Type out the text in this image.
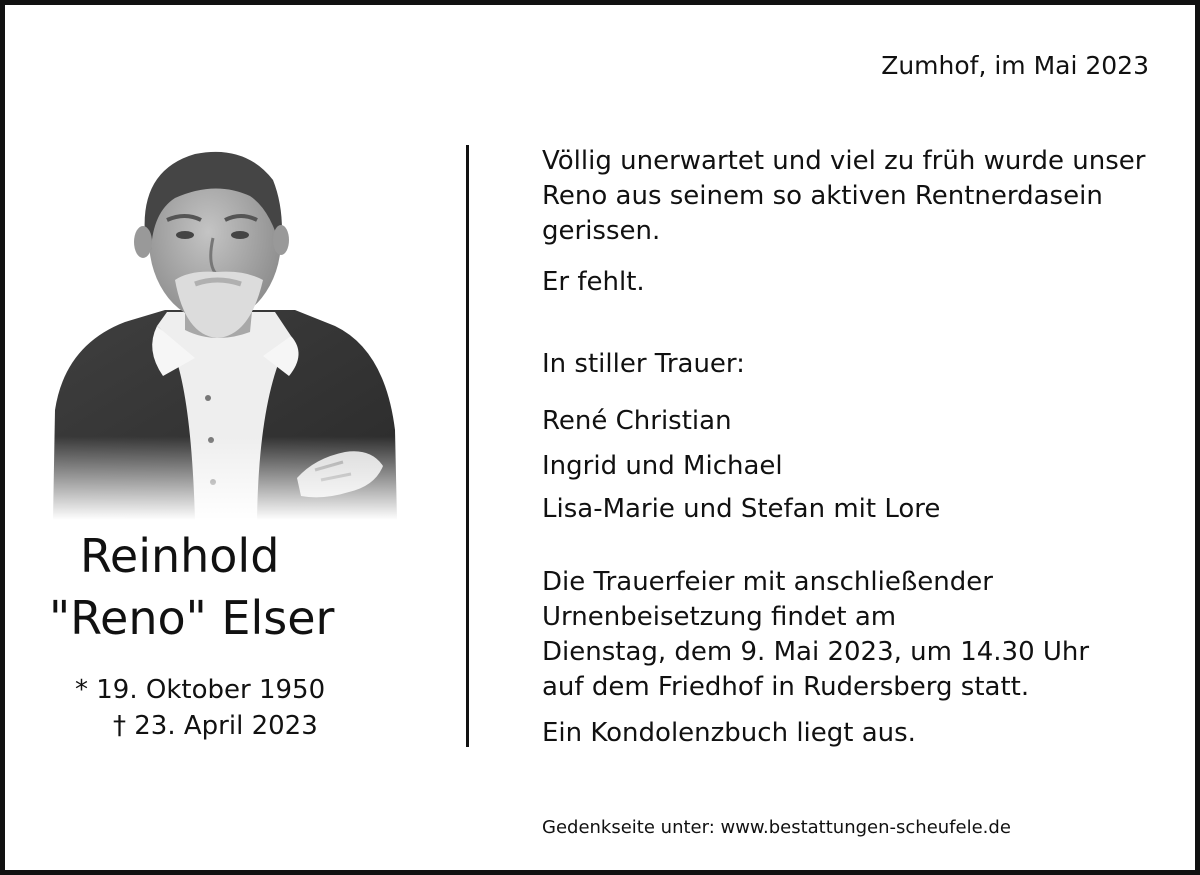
Zumhof, im Mai 2023
Reinhold
"Reno" Elser
* 19. Oktober 1950
† 23. April 2023
Völlig unerwartet und viel zu früh wurde unser Reno aus seinem so aktiven Rentnerdasein gerissen.
Er fehlt.
In stiller Trauer:
René Christian
Ingrid und Michael
Lisa-Marie und Stefan mit Lore
Die Trauerfeier mit anschließender
Urnenbeisetzung findet am
Dienstag, dem 9. Mai 2023, um 14.30 Uhr
auf dem Friedhof in Rudersberg statt.
Ein Kondolenzbuch liegt aus.
Gedenkseite unter: www.bestattungen-scheufele.de
